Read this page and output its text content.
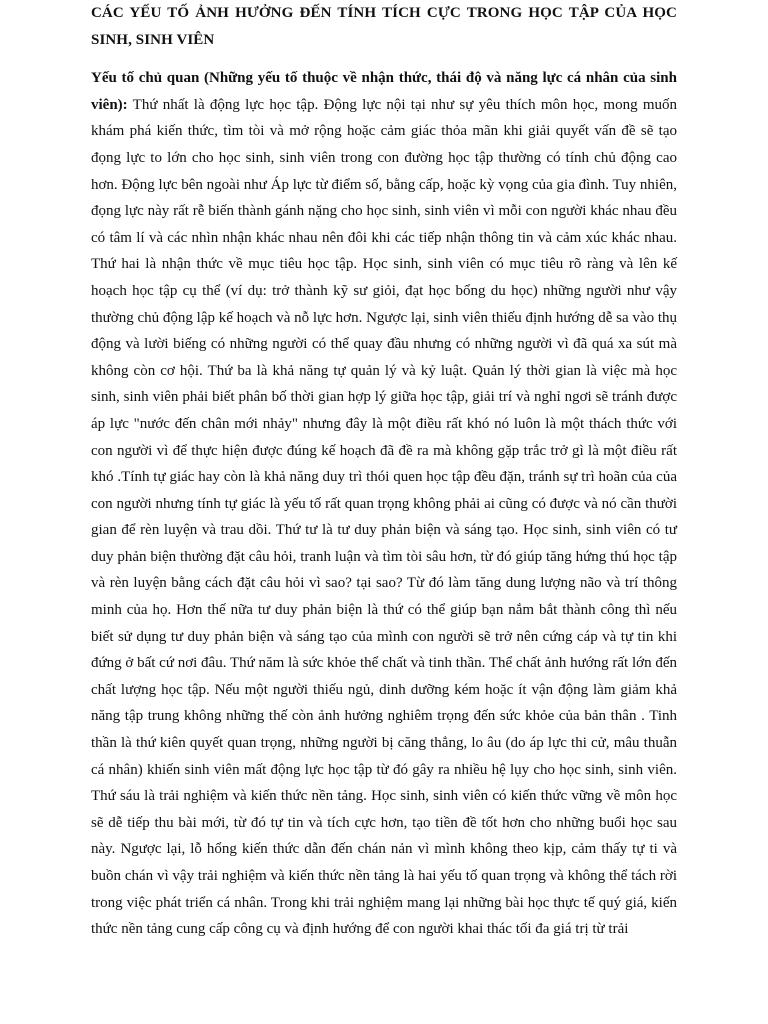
CÁC YẾU TỐ ẢNH HƯỞNG ĐẾN TÍNH TÍCH CỰC TRONG HỌC TẬP CỦA HỌC SINH, SINH VIÊN

Yếu tố chủ quan (Những yếu tố thuộc về nhận thức, thái độ và năng lực cá nhân của sinh viên): Thứ nhất là động lực học tập. Động lực nội tại như sự yêu thích môn học, mong muốn khám phá kiến thức, tìm tòi và mở rộng hoặc cảm giác thỏa mãn khi giải quyết vấn đề sẽ tạo đọng lực to lớn cho học sinh, sinh viên trong con đường học tập thường có tính chủ động cao hơn. Động lực bên ngoài như Áp lực từ điểm số, bằng cấp, hoặc kỳ vọng của gia đình. Tuy nhiên, đọng lực này rất rễ biến thành gánh nặng cho học sinh, sinh viên vì mỗi con người khác nhau đều có tâm lí và các nhìn nhận khác nhau nên đôi khi các tiếp nhận thông tin và cảm xúc khác nhau. Thứ hai là nhận thức về mục tiêu học tập. Học sinh, sinh viên có mục tiêu rõ ràng và lên kế hoạch học tập cụ thể (ví dụ: trở thành kỹ sư giỏi, đạt học bổng du học) những người như vậy thường chủ động lập kế hoạch và nỗ lực hơn. Ngược lại, sinh viên thiếu định hướng dễ sa vào thụ động và lười biếng có những người có thể quay đầu nhưng có những người vì đã quá xa sút mà không còn cơ hội. Thứ ba là khả năng tự quản lý và kỷ luật. Quản lý thời gian là việc mà học sinh, sinh viên phải biết phân bố thời gian hợp lý giữa học tập, giải trí và nghỉ ngơi sẽ tránh được áp lực "nước đến chân mới nhảy" nhưng đây là một điều rất khó nó luôn là một thách thức với con người vì để thực hiện được đúng kế hoạch đã đề ra mà không gặp trắc trở gì là một điều rất khó .Tính tự giác hay còn là khả năng duy trì thói quen học tập đều đặn, tránh sự trì hoãn của của con người nhưng tính tự giác là yếu tố rất quan trọng không phải ai cũng có được và nó cần thười gian để rèn luyện và trau dồi. Thứ tư là tư duy phản biện và sáng tạo. Học sinh, sinh viên có tư duy phản biện thường đặt câu hỏi, tranh luận và tìm tòi sâu hơn, từ đó giúp tăng hứng thú học tập và rèn luyện bằng cách đặt câu hỏi vì sao? tại sao? Từ đó làm tăng dung lượng não và trí thông minh của họ. Hơn thế nữa tư duy phản biện là thứ có thể giúp bạn nắm bắt thành công thì nếu biết sử dụng tư duy phản biện và sáng tạo của mình con người sẽ trở nên cứng cáp và tự tin khi đứng ở bất cứ nơi đâu. Thứ năm là sức khỏe thể chất và tinh thần. Thể chất ảnh hướng rất lớn đến chất lượng học tập. Nếu một người thiếu ngủ, dinh dưỡng kém hoặc ít vận động làm giảm khả năng tập trung không những thế còn ảnh hưởng nghiêm trọng đến sức khỏe của bản thân . Tinh thần là thứ kiên quyết quan trọng, những người bị căng thẳng, lo âu (do áp lực thi cử, mâu thuẫn cá nhân) khiến sinh viên mất động lực học tập từ đó gây ra nhiều hệ lụy cho học sinh, sinh viên. Thứ sáu là trải nghiệm và kiến thức nền tảng. Học sinh, sinh viên có kiến thức vững về môn học sẽ dễ tiếp thu bài mới, từ đó tự tin và tích cực hơn, tạo tiền đề tốt hơn cho những buổi học sau này. Ngược lại, lỗ hổng kiến thức dẫn đến chán nản vì mình không theo kịp, cảm thấy tự ti và buồn chán vì vậy trải nghiệm và kiến thức nền tảng là hai yếu tố quan trọng và không thể tách rời trong việc phát triển cá nhân. Trong khi trải nghiệm mang lại những bài học thực tế quý giá, kiến thức nền tảng cung cấp công cụ và định hướng để con người khai thác tối đa giá trị từ trải
